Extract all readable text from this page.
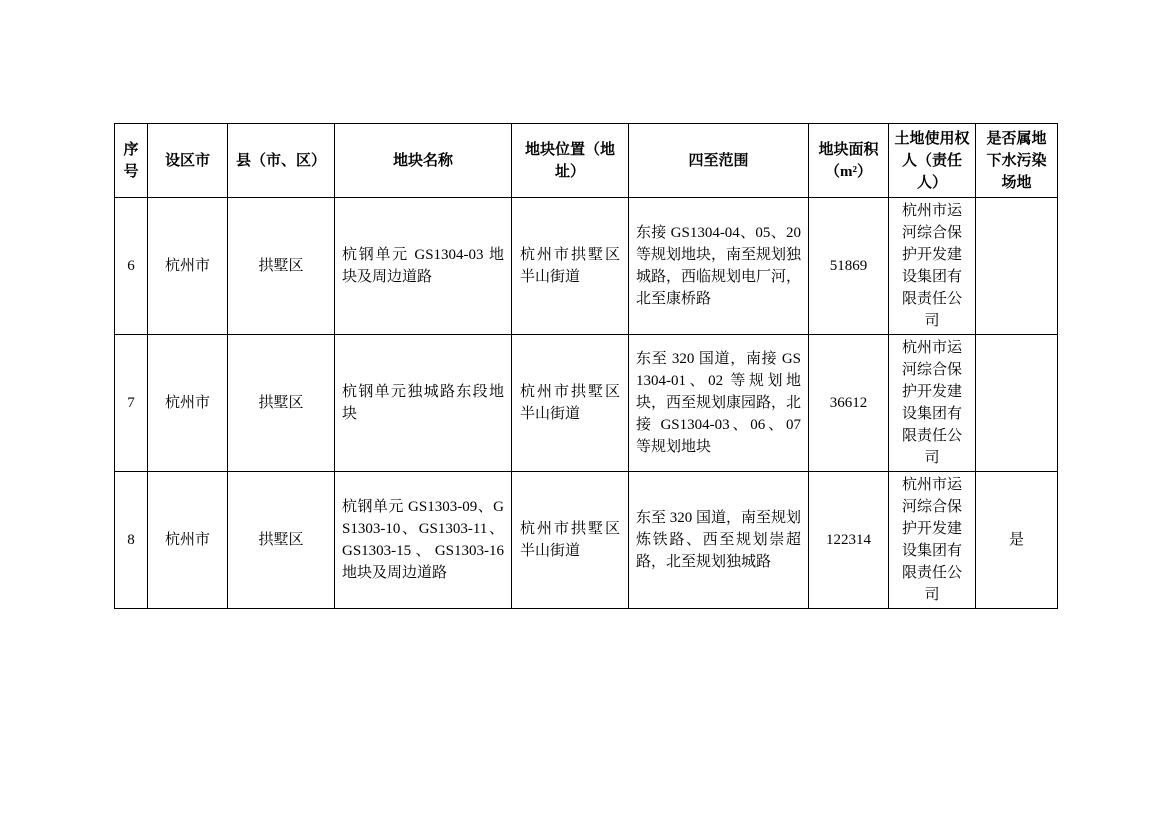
序号	设区市	县（市、区）	地块名称	地块位置（地址）	四至范围	地块面积（m²）	土地使用权人（责任人）	是否属地下水污染场地
6	杭州市	拱墅区	杭钢单元 GS1304-03 地块及周边道路	杭州市拱墅区半山街道	东接 GS1304-04、05、20 等规划地块，南至规划独城路，西临规划电厂河，北至康桥路	51869	杭州市运河综合保护开发建设集团有限责任公司	
7	杭州市	拱墅区	杭钢单元独城路东段地块	杭州市拱墅区半山街道	东至 320 国道，南接 GS1304-01、02 等规划地块，西至规划康园路，北接 GS1304-03、06、07 等规划地块	36612	杭州市运河综合保护开发建设集团有限责任公司	
8	杭州市	拱墅区	杭钢单元 GS1303-09、GS1303-10、GS1303-11、GS1303-15、GS1303-16 地块及周边道路	杭州市拱墅区半山街道	东至 320 国道，南至规划炼铁路、西至规划崇超路，北至规划独城路	122314	杭州市运河综合保护开发建设集团有限责任公司	是
